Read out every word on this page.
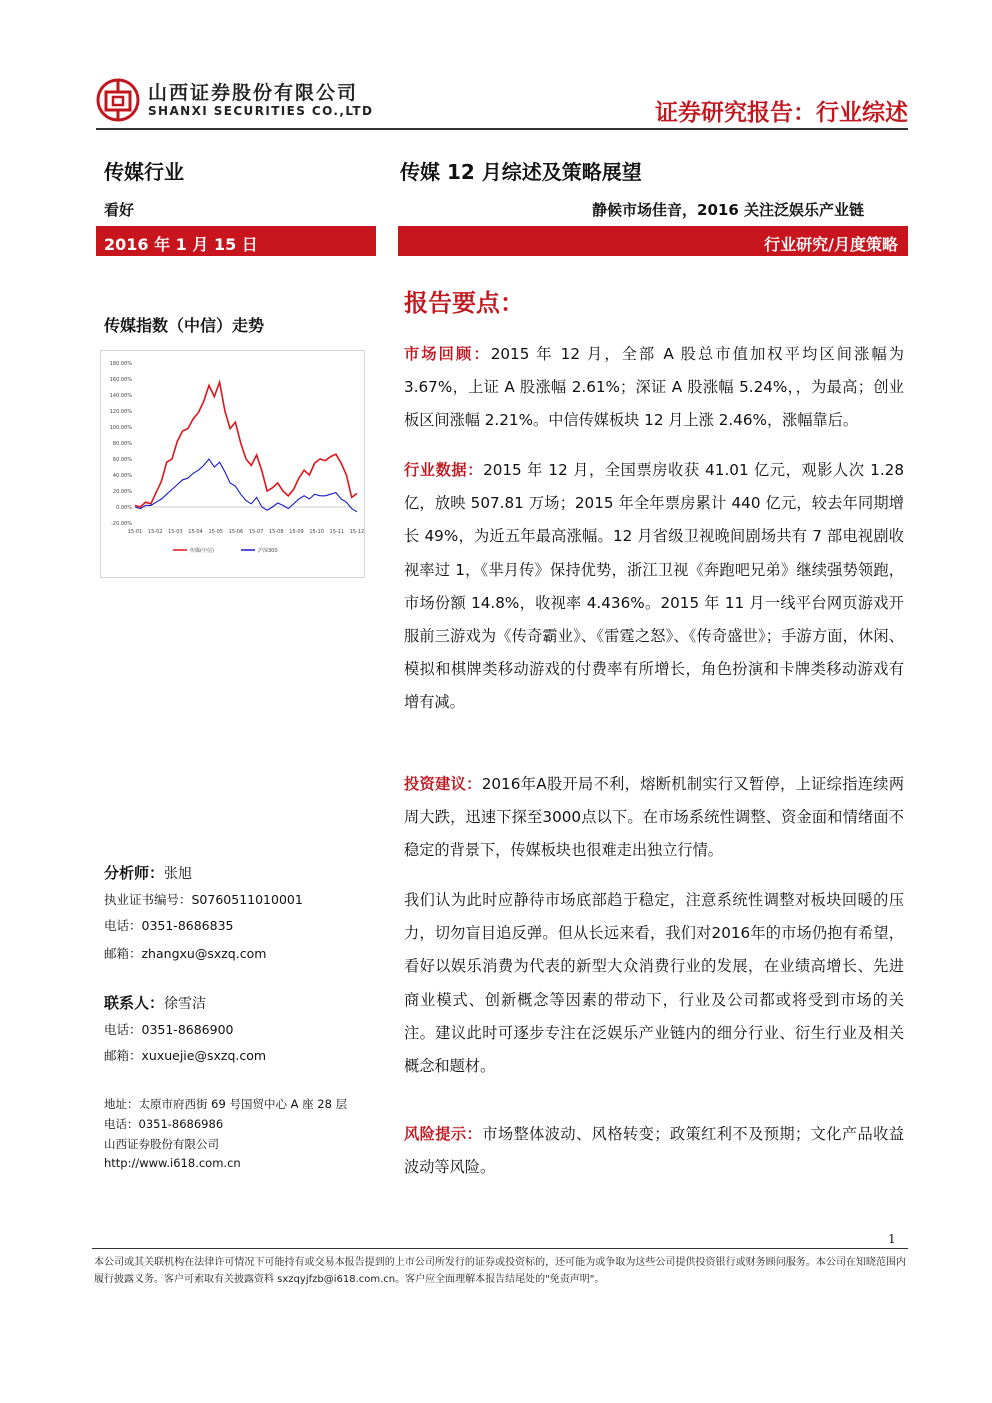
山西证券股份有限公司
SHANXI SECURITIES CO.,LTD	证券研究报告：行业综述
传媒行业
看好
2016 年 1 月 15 日
传媒 12 月综述及策略展望
静候市场佳音，2016 关注泛娱乐产业链
行业研究/月度策略
传媒指数（中信）走势
180.00%
160.00%
140.00%
120.00%
100.00%
80.00%
60.00%
40.00%
20.00%
0.00%
-20.00%
15-01 15-02 15-03 15-04 15-05 15-06 15-07 15-08 15-09 15-10 15-11 15-12
传媒(中信)	沪深300
分析师：张旭
执业证书编号：S0760511010001
电话：0351-8686835
邮箱：zhangxu@sxzq.com
联系人：徐雪洁
电话：0351-8686900
邮箱：xuxuejie@sxzq.com
地址：太原市府西街 69 号国贸中心 A 座 28 层
电话：0351-8686986
山西证券股份有限公司
http://www.i618.com.cn
报告要点：
市场回顾：2015 年 12 月，全部 A 股总市值加权平均区间涨幅为 3.67%，上证 A 股涨幅 2.61%；深证 A 股涨幅 5.24%，，为最高；创业板区间涨幅 2.21%。中信传媒板块 12 月上涨 2.46%，涨幅靠后。
行业数据：2015 年 12 月，全国票房收获 41.01 亿元，观影人次 1.28 亿，放映 507.81 万场；2015 年全年票房累计 440 亿元，较去年同期增长 49%，为近五年最高涨幅。12 月省级卫视晚间剧场共有 7 部电视剧收视率过 1，《芈月传》保持优势，浙江卫视《奔跑吧兄弟》继续强势领跑，市场份额 14.8%，收视率 4.436%。2015 年 11 月一线平台网页游戏开服前三游戏为《传奇霸业》、《雷霆之怒》、《传奇盛世》；手游方面，休闲、模拟和棋牌类移动游戏的付费率有所增长，角色扮演和卡牌类移动游戏有增有减。
投资建议：2016年A股开局不利，熔断机制实行又暂停，上证综指连续两周大跌，迅速下探至3000点以下。在市场系统性调整、资金面和情绪面不稳定的背景下，传媒板块也很难走出独立行情。
我们认为此时应静待市场底部趋于稳定，注意系统性调整对板块回暖的压力，切勿盲目追反弹。但从长远来看，我们对2016年的市场仍抱有希望，看好以娱乐消费为代表的新型大众消费行业的发展，在业绩高增长、先进商业模式、创新概念等因素的带动下，行业及公司都或将受到市场的关注。建议此时可逐步专注在泛娱乐产业链内的细分行业、衍生行业及相关概念和题材。
风险提示：市场整体波动、风格转变；政策红利不及预期；文化产品收益波动等风险。
1
本公司或其关联机构在法律许可情况下可能持有或交易本报告提到的上市公司所发行的证券或投资标的，还可能为或争取为这些公司提供投资银行或财务顾问服务。本公司在知晓范围内履行披露义务。客户可索取有关披露资料 sxzqyjfzb@i618.com.cn。客户应全面理解本报告结尾处的"免责声明"。
